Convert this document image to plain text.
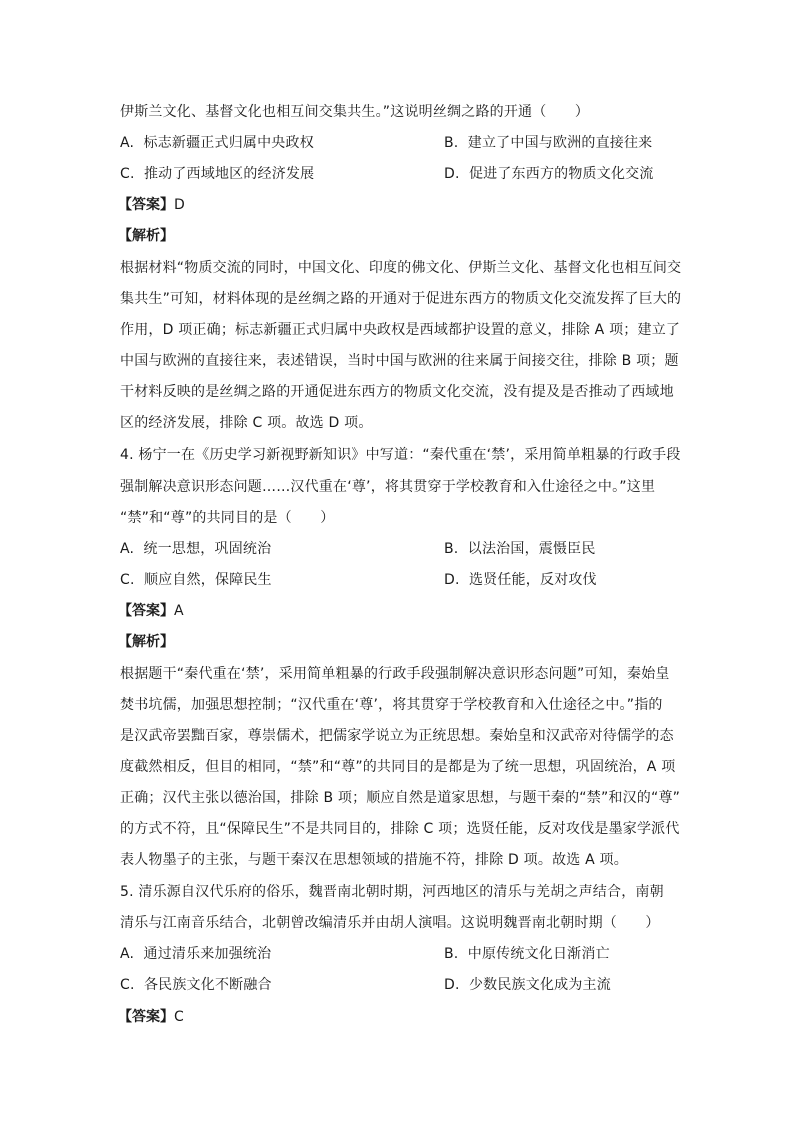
伊斯兰文化、基督文化也相互间交集共生。”这说明丝绸之路的开通（　　）
A. 标志新疆正式归属中央政权	B. 建立了中国与欧洲的直接往来
C. 推动了西域地区的经济发展	D. 促进了东西方的物质文化交流
【答案】D
【解析】
根据材料“物质交流的同时，中国文化、印度的佛文化、伊斯兰文化、基督文化也相互间交
集共生”可知，材料体现的是丝绸之路的开通对于促进东西方的物质文化交流发挥了巨大的
作用，D 项正确；标志新疆正式归属中央政权是西域都护设置的意义，排除 A 项；建立了
中国与欧洲的直接往来，表述错误，当时中国与欧洲的往来属于间接交往，排除 B 项；题
干材料反映的是丝绸之路的开通促进东西方的物质文化交流，没有提及是否推动了西域地
区的经济发展，排除 C 项。故选 D 项。
4. 杨宁一在《历史学习新视野新知识》中写道：“秦代重在‘禁’，采用简单粗暴的行政手段
强制解决意识形态问题……汉代重在‘尊’，将其贯穿于学校教育和入仕途径之中。”这里
“禁”和“尊”的共同目的是（　　）
A. 统一思想，巩固统治	B. 以法治国，震慑臣民
C. 顺应自然，保障民生	D. 选贤任能，反对攻伐
【答案】A
【解析】
根据题干“秦代重在‘禁’，采用简单粗暴的行政手段强制解决意识形态问题”可知，秦始皇
焚书坑儒，加强思想控制；“汉代重在‘尊’，将其贯穿于学校教育和入仕途径之中。”指的
是汉武帝罢黜百家，尊崇儒术，把儒家学说立为正统思想。秦始皇和汉武帝对待儒学的态
度截然相反，但目的相同，“禁”和“尊”的共同目的是都是为了统一思想，巩固统治，A 项
正确；汉代主张以德治国，排除 B 项；顺应自然是道家思想，与题干秦的“禁”和汉的“尊”
的方式不符，且“保障民生”不是共同目的，排除 C 项；选贤任能，反对攻伐是墨家学派代
表人物墨子的主张，与题干秦汉在思想领域的措施不符，排除 D 项。故选 A 项。
5. 清乐源自汉代乐府的俗乐，魏晋南北朝时期，河西地区的清乐与羌胡之声结合，南朝
清乐与江南音乐结合，北朝曾改编清乐并由胡人演唱。这说明魏晋南北朝时期（　　）
A. 通过清乐来加强统治	B. 中原传统文化日渐消亡
C. 各民族文化不断融合	D. 少数民族文化成为主流
【答案】C
